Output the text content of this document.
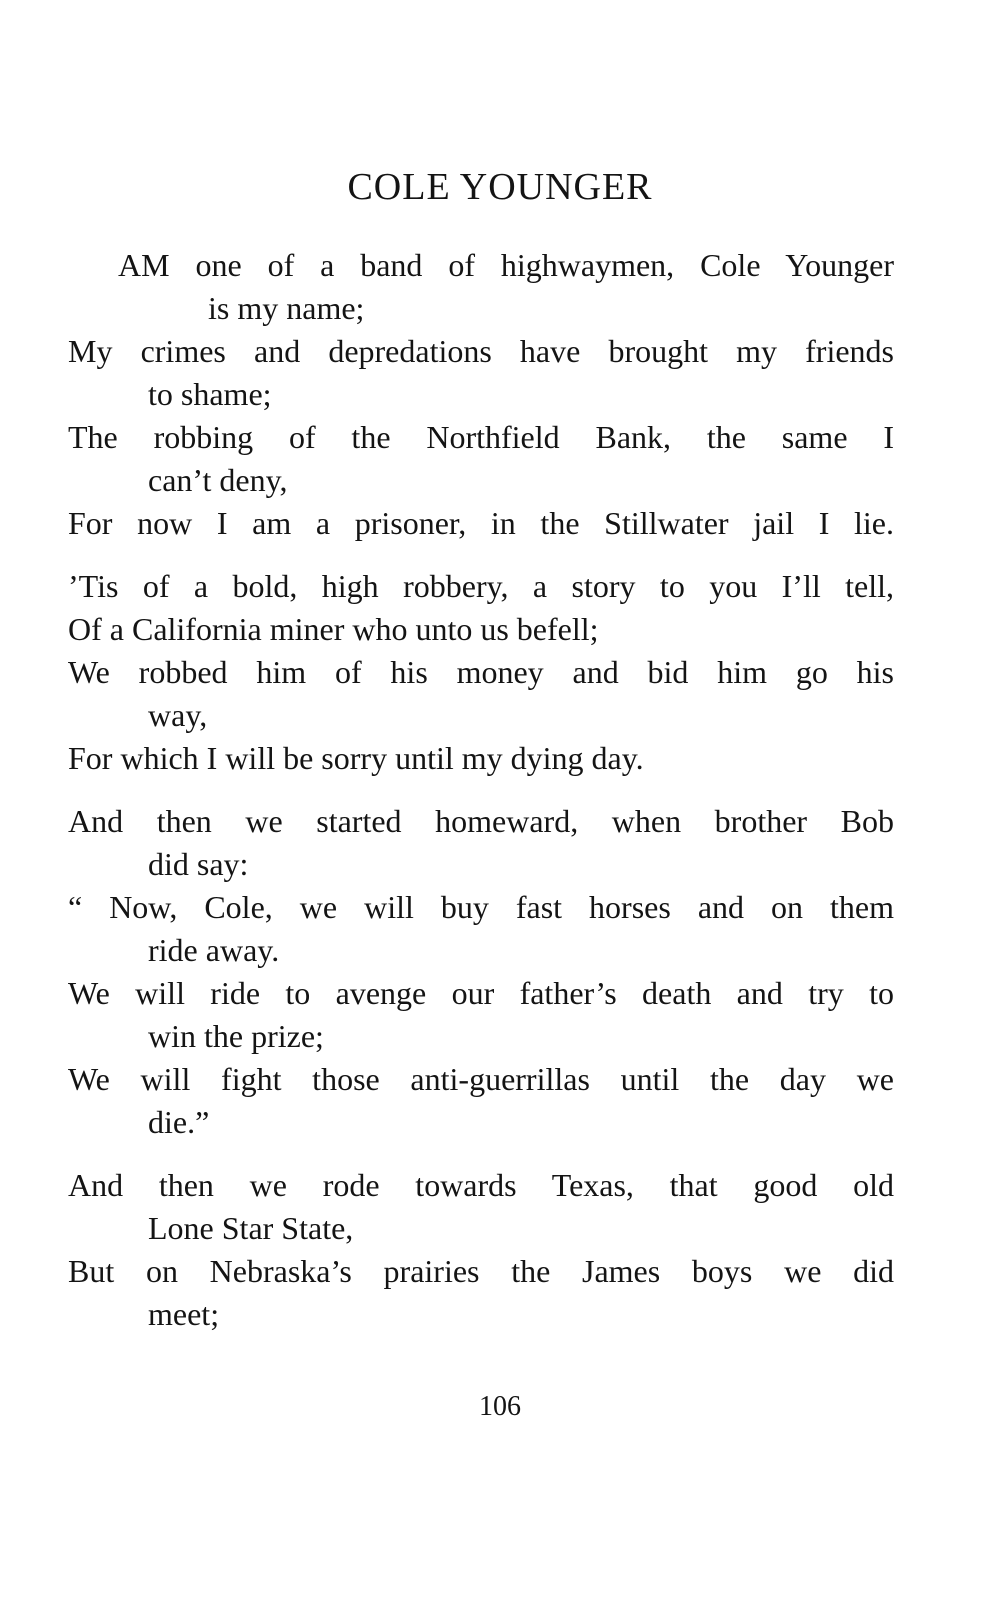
COLE YOUNGER
AM one of a band of highwaymen, Cole Younger
is my name;
My crimes and depredations have brought my friends
to shame;
The robbing of the Northfield Bank, the same I
can’t deny,
For now I am a prisoner, in the Stillwater jail I lie.
’Tis of a bold, high robbery, a story to you I’ll tell,
Of a California miner who unto us befell;
We robbed him of his money and bid him go his
way,
For which I will be sorry until my dying day.
And then we started homeward, when brother Bob
did say:
“ Now, Cole, we will buy fast horses and on them
ride away.
We will ride to avenge our father’s death and try to
win the prize;
We will fight those anti-guerrillas until the day we
die.”
And then we rode towards Texas, that good old
Lone Star State,
But on Nebraska’s prairies the James boys we did
meet;
106
